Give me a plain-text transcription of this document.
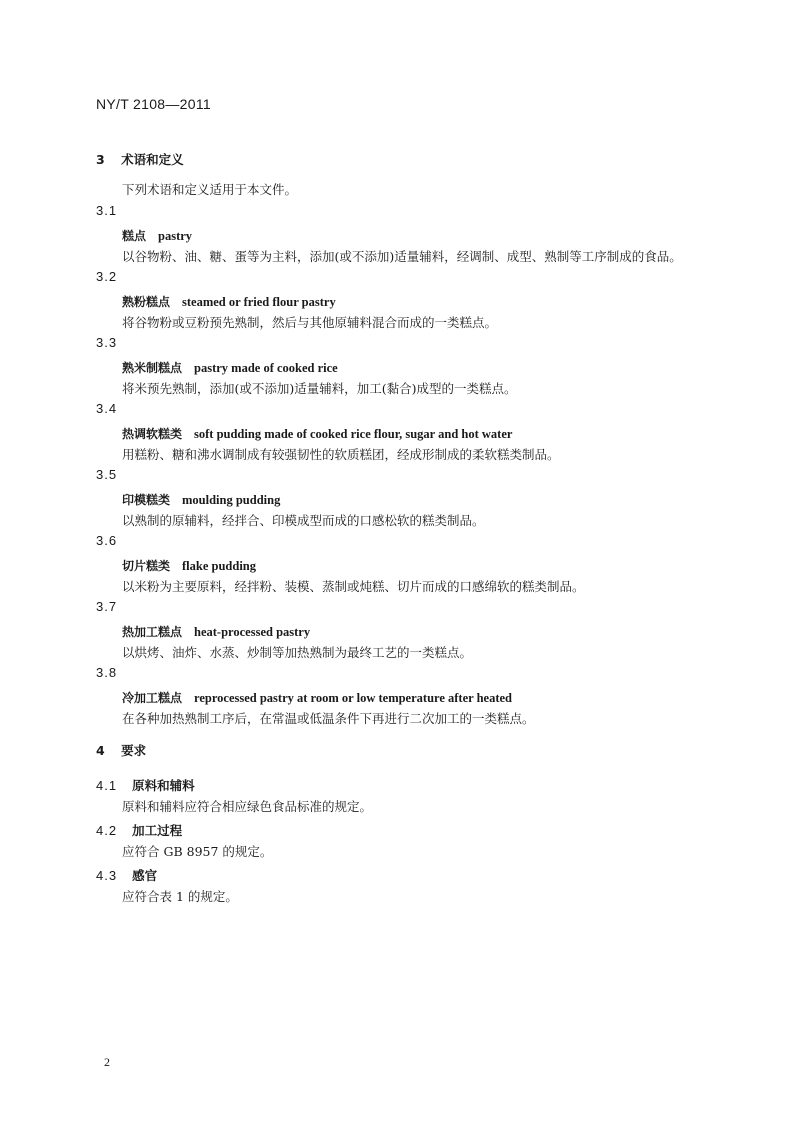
NY/T 2108—2011
3 术语和定义
下列术语和定义适用于本文件。
3.1
糕点 pastry
以谷物粉、油、糖、蛋等为主料，添加(或不添加)适量辅料，经调制、成型、熟制等工序制成的食品。
3.2
熟粉糕点 steamed or fried flour pastry
将谷物粉或豆粉预先熟制，然后与其他原辅料混合而成的一类糕点。
3.3
熟米制糕点 pastry made of cooked rice
将米预先熟制，添加(或不添加)适量辅料，加工(黏合)成型的一类糕点。
3.4
热调软糕类 soft pudding made of cooked rice flour, sugar and hot water
用糕粉、糖和沸水调制成有较强韧性的软质糕团，经成形制成的柔软糕类制品。
3.5
印模糕类 moulding pudding
以熟制的原辅料，经拌合、印模成型而成的口感松软的糕类制品。
3.6
切片糕类 flake pudding
以米粉为主要原料，经拌粉、装模、蒸制或炖糕、切片而成的口感绵软的糕类制品。
3.7
热加工糕点 heat-processed pastry
以烘烤、油炸、水蒸、炒制等加热熟制为最终工艺的一类糕点。
3.8
冷加工糕点 reprocessed pastry at room or low temperature after heated
在各种加热熟制工序后，在常温或低温条件下再进行二次加工的一类糕点。
4 要求
4.1 原料和辅料
原料和辅料应符合相应绿色食品标准的规定。
4.2 加工过程
应符合 GB 8957 的规定。
4.3 感官
应符合表 1 的规定。
2
